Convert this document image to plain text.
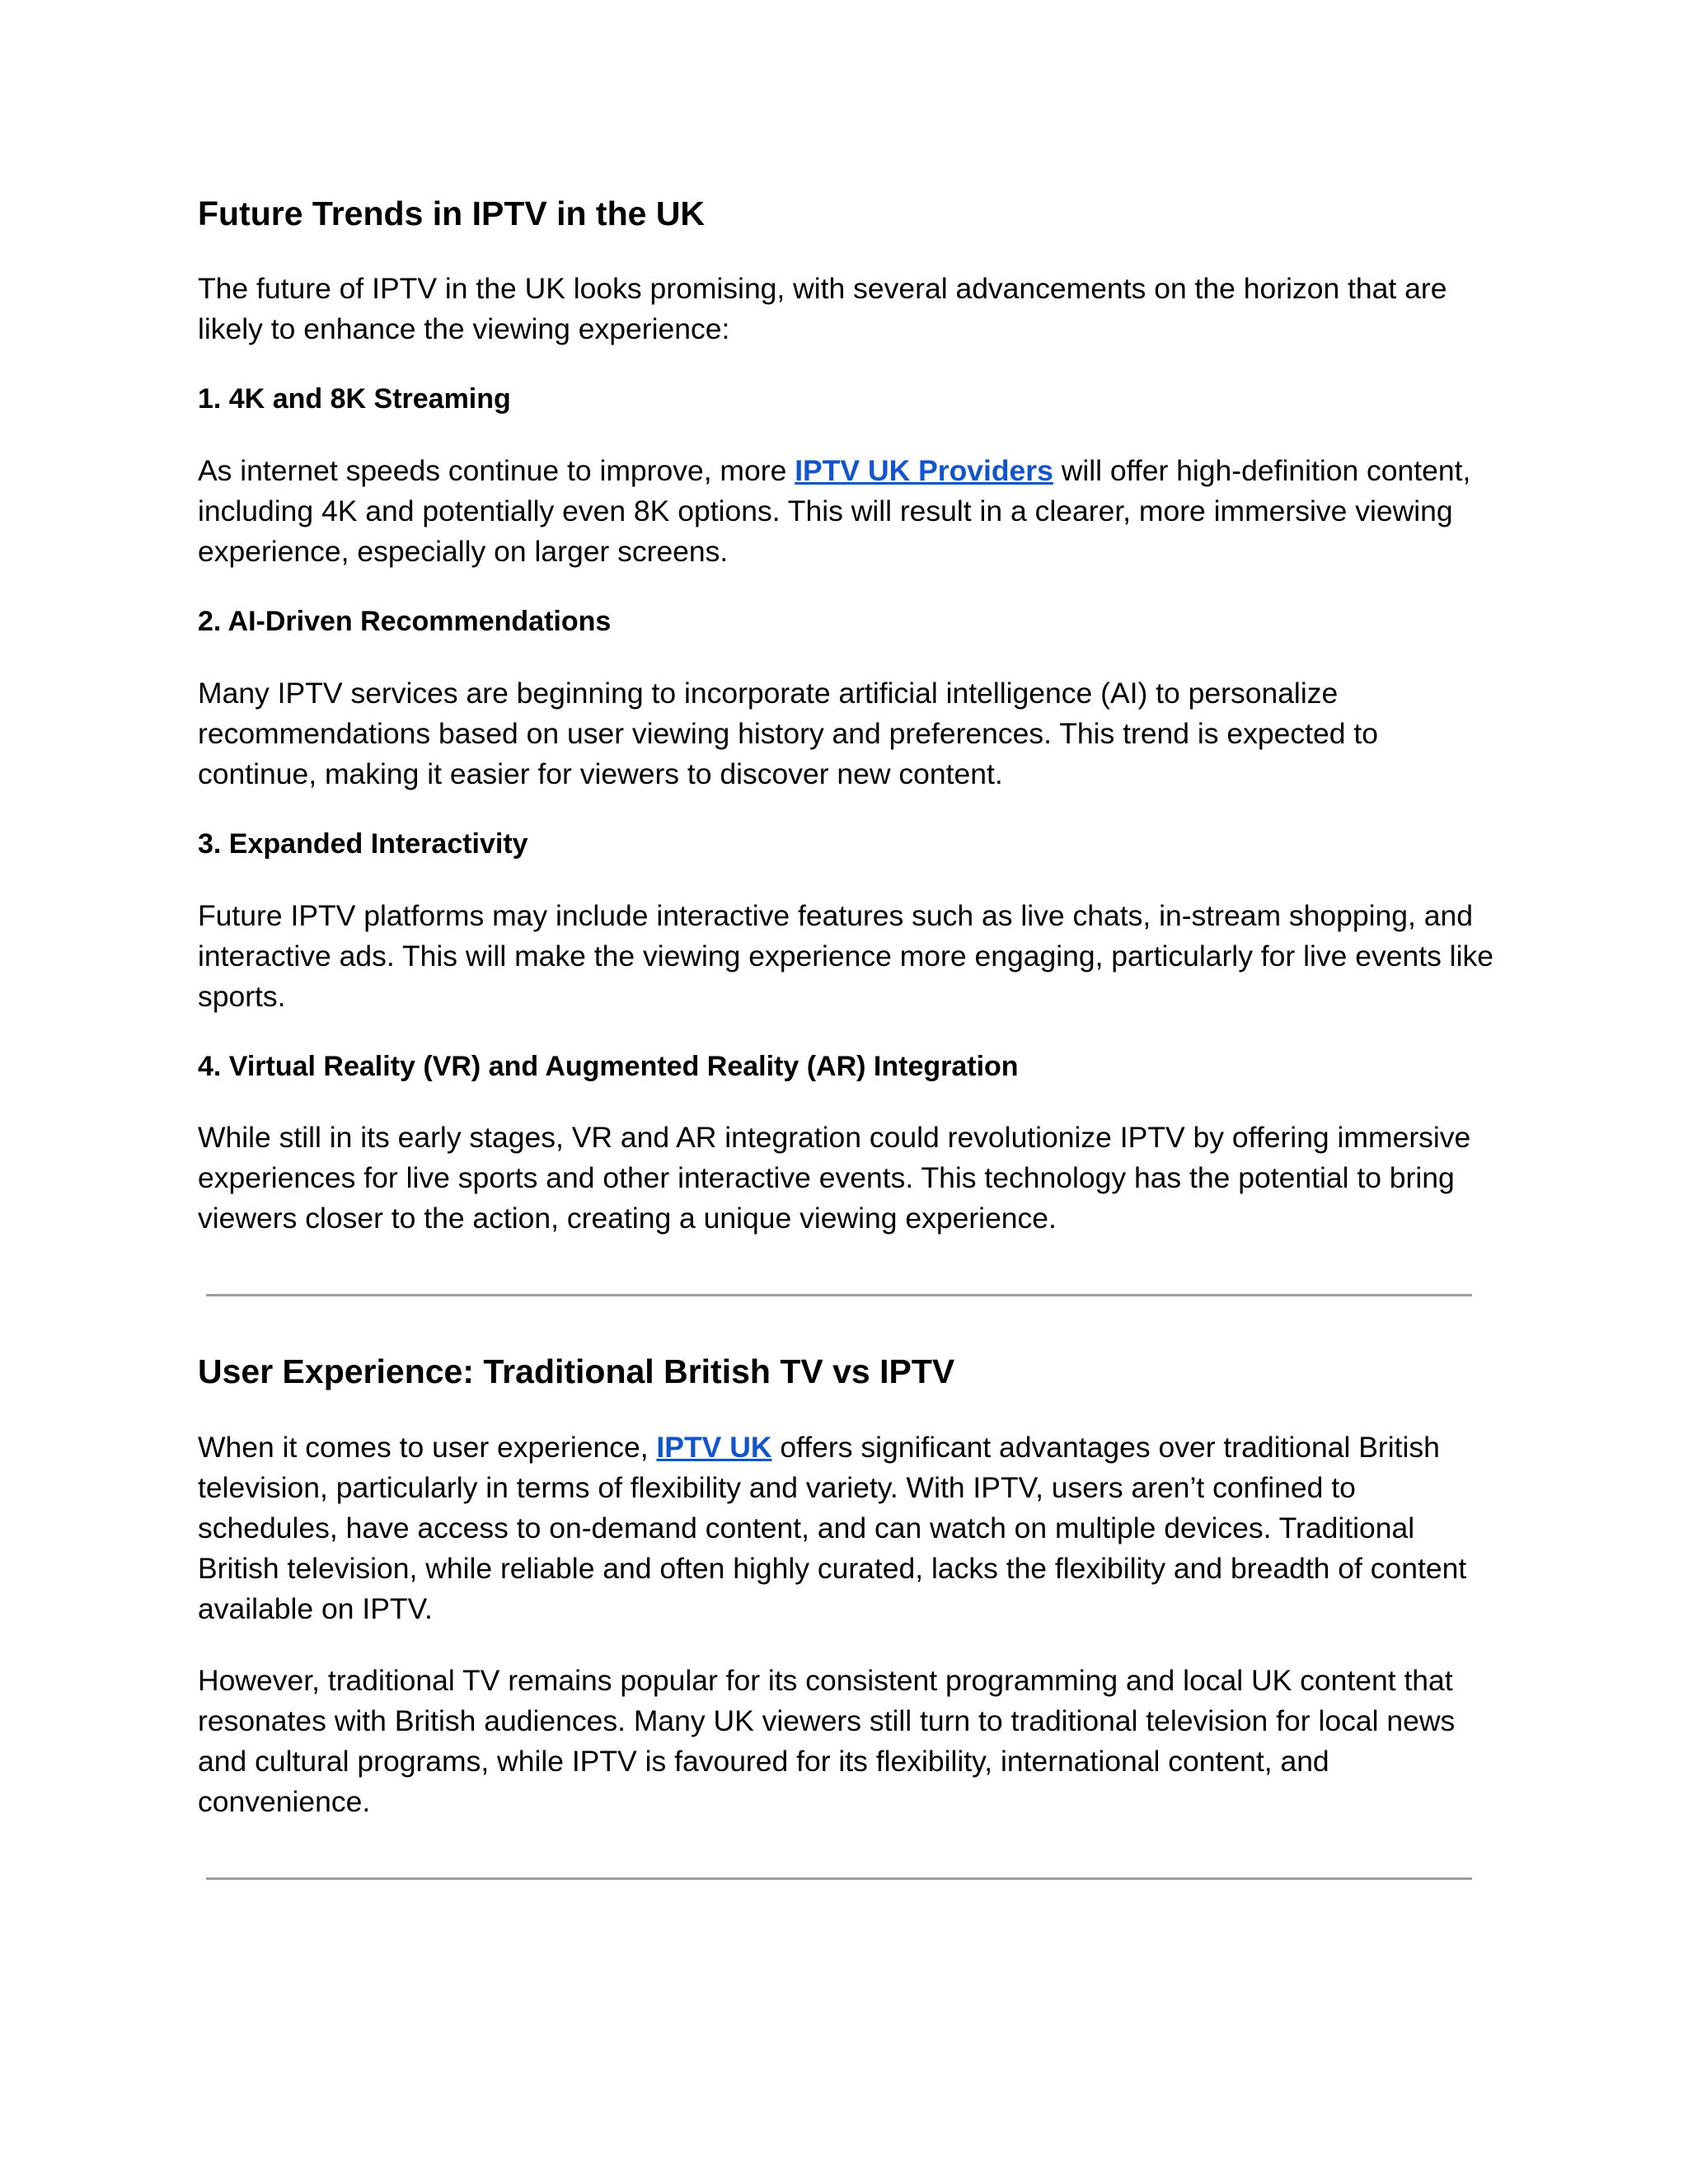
Future Trends in IPTV in the UK

The future of IPTV in the UK looks promising, with several advancements on the horizon that are likely to enhance the viewing experience:

1. 4K and 8K Streaming

As internet speeds continue to improve, more IPTV UK Providers will offer high-definition content, including 4K and potentially even 8K options. This will result in a clearer, more immersive viewing experience, especially on larger screens.

2. AI-Driven Recommendations

Many IPTV services are beginning to incorporate artificial intelligence (AI) to personalize recommendations based on user viewing history and preferences. This trend is expected to continue, making it easier for viewers to discover new content.

3. Expanded Interactivity

Future IPTV platforms may include interactive features such as live chats, in-stream shopping, and interactive ads. This will make the viewing experience more engaging, particularly for live events like sports.

4. Virtual Reality (VR) and Augmented Reality (AR) Integration

While still in its early stages, VR and AR integration could revolutionize IPTV by offering immersive experiences for live sports and other interactive events. This technology has the potential to bring viewers closer to the action, creating a unique viewing experience.

User Experience: Traditional British TV vs IPTV

When it comes to user experience, IPTV UK offers significant advantages over traditional British television, particularly in terms of flexibility and variety. With IPTV, users aren’t confined to schedules, have access to on-demand content, and can watch on multiple devices. Traditional British television, while reliable and often highly curated, lacks the flexibility and breadth of content available on IPTV.

However, traditional TV remains popular for its consistent programming and local UK content that resonates with British audiences. Many UK viewers still turn to traditional television for local news and cultural programs, while IPTV is favoured for its flexibility, international content, and convenience.
